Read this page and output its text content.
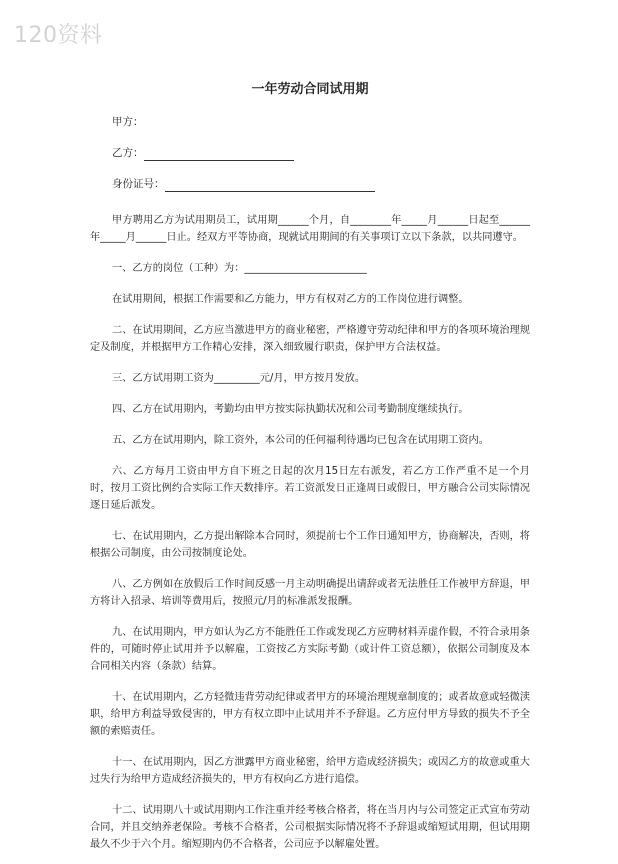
120资料
一年劳动合同试用期
甲方：
乙方：
身份证号：
甲方聘用乙方为试用期员工，试用期______个月，自________年_____月______日起至______年_____月______日止。经双方平等协商，现就试用期间的有关事项订立以下条款，以共同遵守。
一、乙方的岗位（工种）为：________________________
在试用期间，根据工作需要和乙方能力，甲方有权对乙方的工作岗位进行调整。
二、在试用期间，乙方应当激进甲方的商业秘密，严格遵守劳动纪律和甲方的各项环境治理规定及制度，并根据甲方工作精心安排，深入细致履行职责，保护甲方合法权益。
三、乙方试用期工资为_________元/月，甲方按月发放。
四、乙方在试用期内，考勤均由甲方按实际执勤状况和公司考勤制度继续执行。
五、乙方在试用期内，除工资外，本公司的任何福利待遇均已包含在试用期工资内。
六、乙方每月工资由甲方自下班之日起的次月15日左右派发，若乙方工作严重不足一个月时，按月工资比例约合实际工作天数排序。若工资派发日正逢周日或假日，甲方融合公司实际情况逐日延后派发。
七、在试用期内，乙方提出解除本合同时，须提前七个工作日通知甲方，协商解决，否则，将根据公司制度，由公司按制度论处。
八、乙方例如在放假后工作时间反感一月主动明确提出请辞或者无法胜任工作被甲方辞退，甲方将计入招录、培训等费用后，按照元/月的标准派发报酬。
九、在试用期内，甲方如认为乙方不能胜任工作或发现乙方应聘材料弄虚作假，不符合录用条件的，可随时停止试用并予以解雇，工资按乙方实际考勤（或计件工资总额），依据公司制度及本合同相关内容（条款）结算。
十、在试用期内，乙方轻微违背劳动纪律或者甲方的环境治理规章制度的；或者故意或轻微渎职，给甲方利益导致侵害的，甲方有权立即中止试用并不予辞退。乙方应付甲方导致的损失不予全额的索赔责任。
十一、在试用期内，因乙方泄露甲方商业秘密，给甲方造成经济损失；或因乙方的故意或重大过失行为给甲方造成经济损失的，甲方有权向乙方进行追偿。
十二、试用期八十或试用期内工作注重并经考核合格者，将在当月内与公司签定正式宣布劳动合同，并且交纳养老保险。考核不合格者，公司根据实际情况将不予辞退或缩短试用期，但试用期最久不少于六个月。缩短期内仍不合格者，公司应予以解雇处置。
